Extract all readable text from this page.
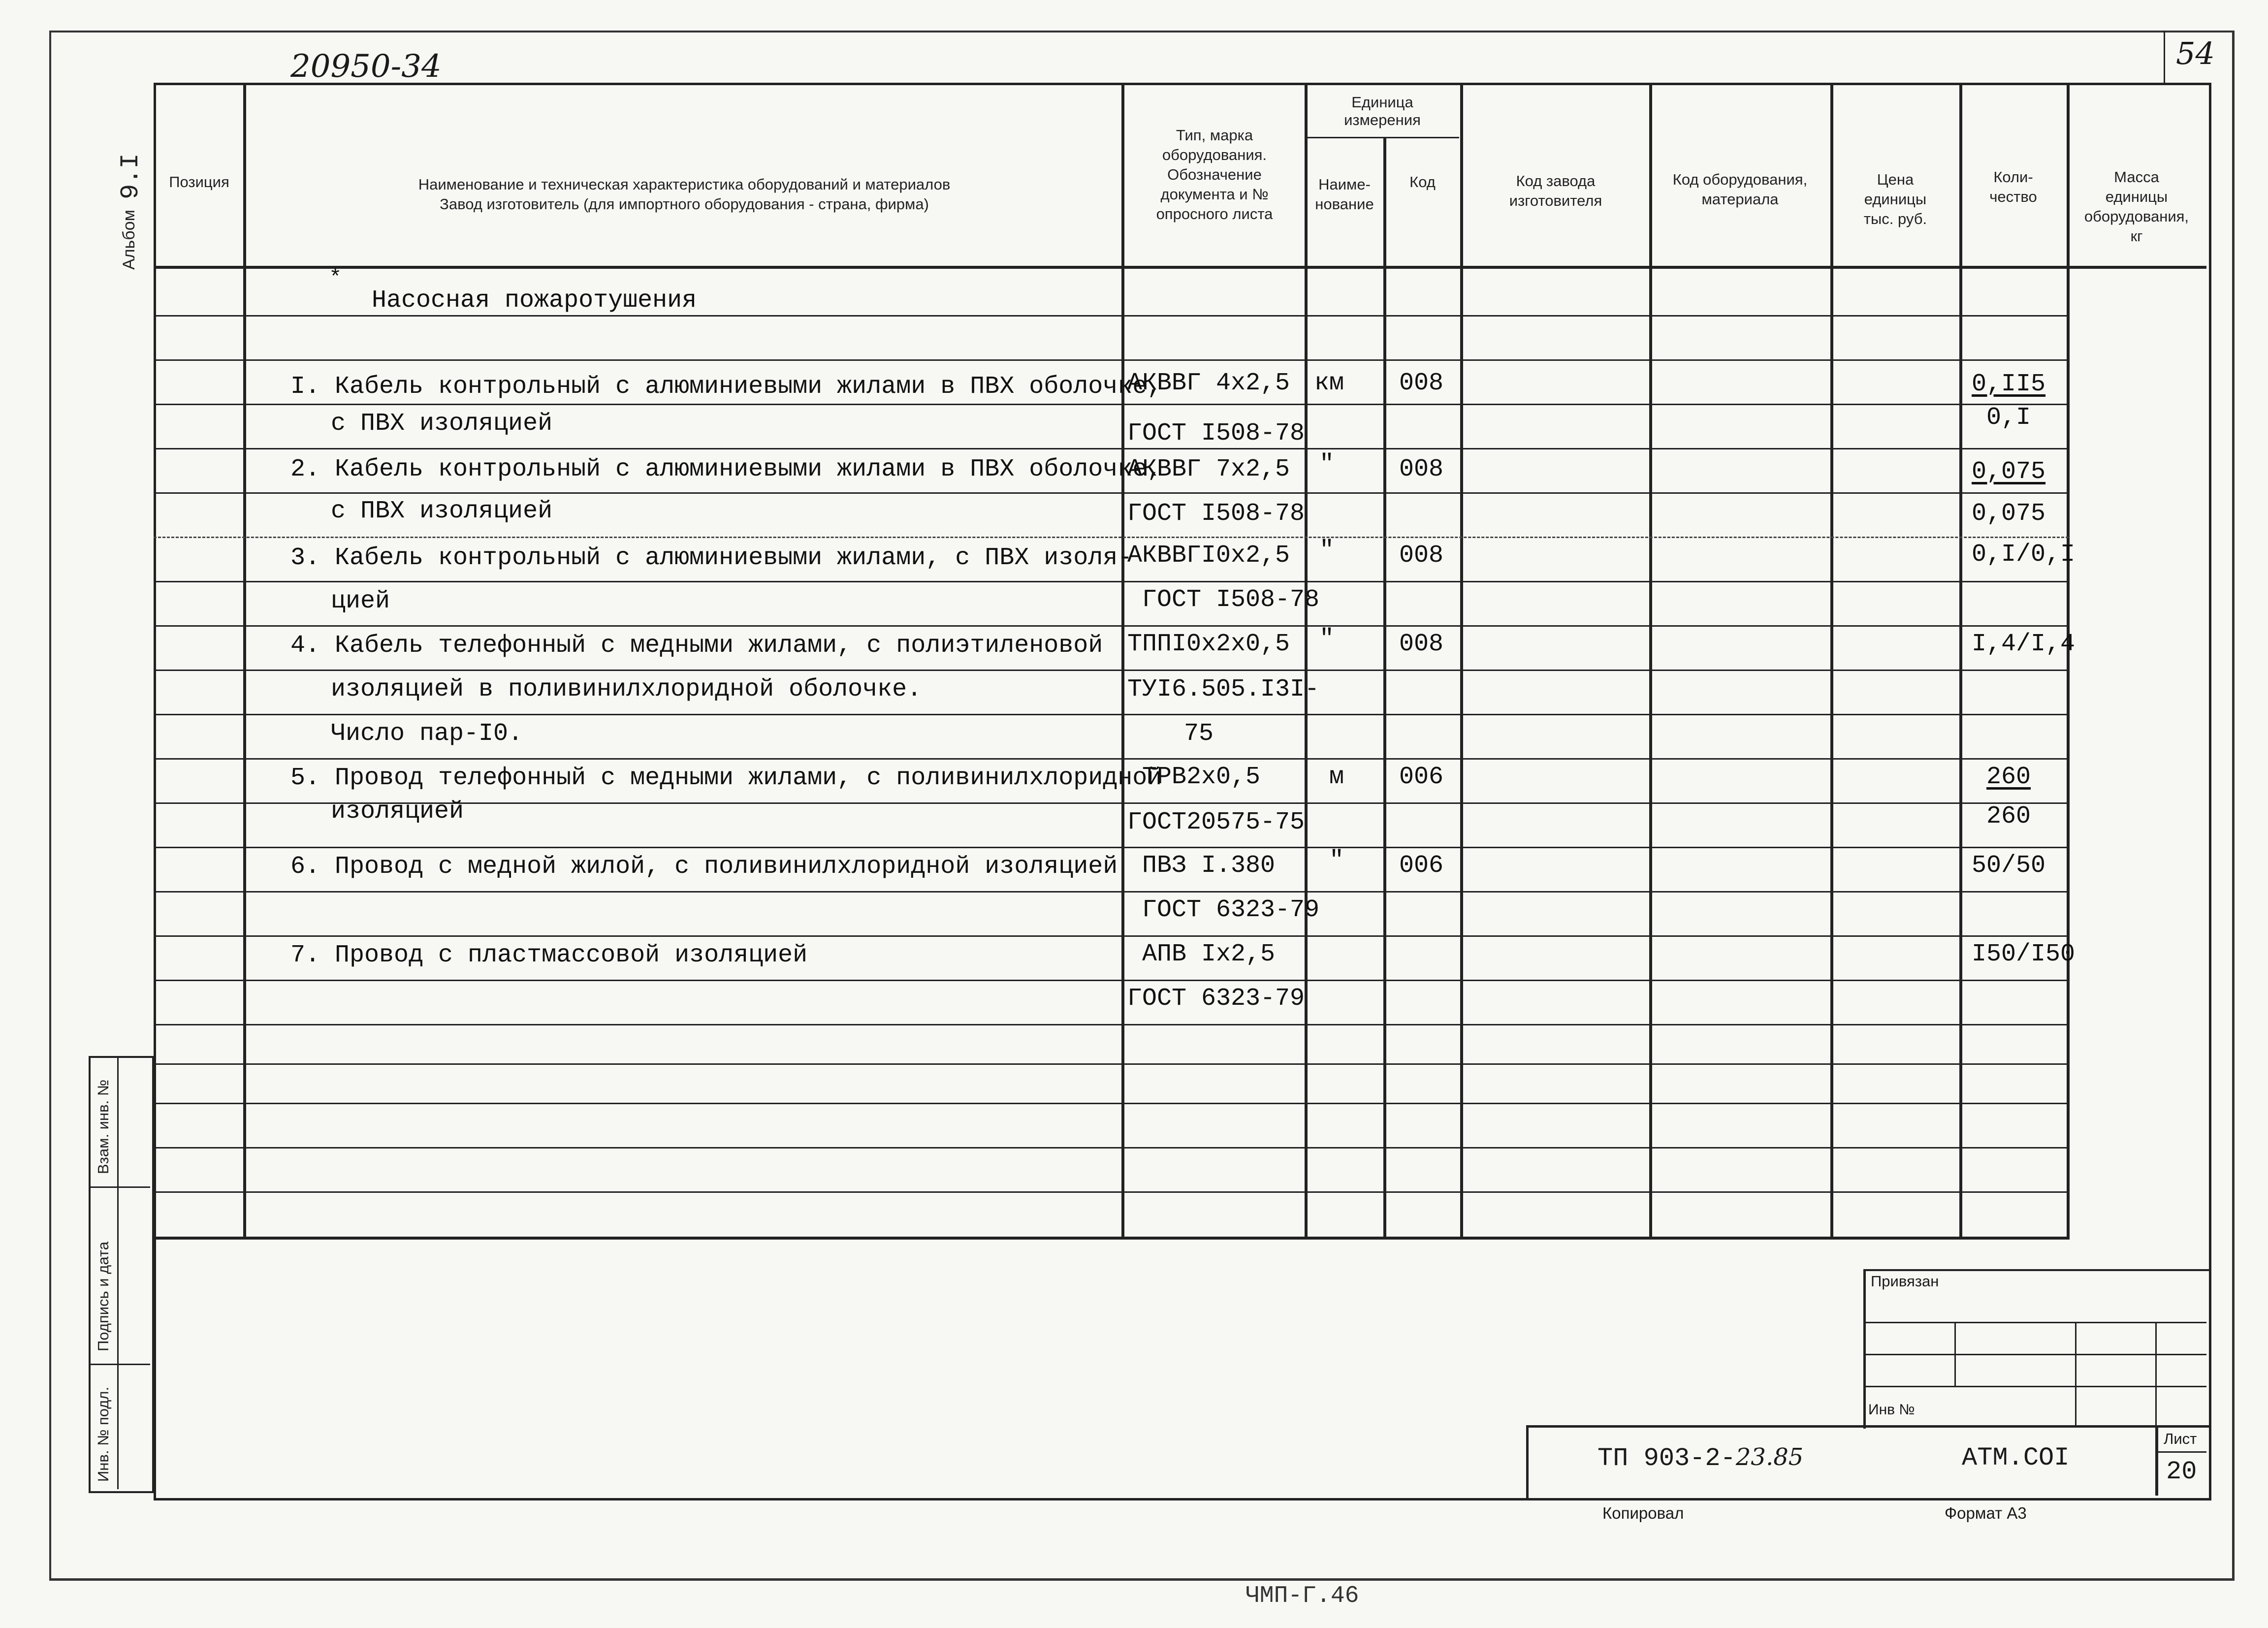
20950-34	54
Альбом
9.I	Позиция	Наименование и техническая характеристика оборудований и материалов
Завод изготовитель (для импортного оборудования - страна, фирма)
Тип, марка
оборудования.
Обозначение
документа и №
опросного листа
Единица
измерения
Наиме-
нование
Код	Код завода
изготовителя
Код оборудования,
материала
Цена
единицы
тыс. руб.
Коли-
чество
Масса
единицы
оборудования,
кг
*
Насосная пожаротушения
I. Кабель контрольный с алюминиевыми жилами в ПВХ оболочке,
АКВВГ 4х2,5 км 008	0,II5
с ПВХ изоляцией	ГОСТ I508-78
0,I
2. Кабель контрольный с алюминиевыми жилами в ПВХ оболочке,
АКВВГ 7х2,5 "	008	0,075
с ПВХ изоляцией	ГОСТ I508-78	0,075
3. Кабель контрольный с алюминиевыми жилами, с ПВХ изоля-
АКВВГI0х2,5 "	008	0,I/0,I
цией	ГОСТ I508-78
4. Кабель телефонный с медными жилами, с полиэтиленовой ТППI0х2х0,5 "	008	I,4/I,4
изоляцией в поливинилхлоридной оболочке.	ТУI6.505.I3I-
Число пар-I0.	75
5. Провод телефонный с медными жилами, с поливинилхлоридной
ТРВ2х0,5	м 006	260
изоляцией	ГОСТ20575-75	260
6. Провод с медной жилой, с поливинилхлоридной изоляцией ПВЗ I.380 " 006	50/50
ГОСТ 6323-79
7. Провод с пластмассовой изоляцией	АПВ Iх2,5	I50/I50
ГОСТ 6323-79
Взам. инв. №
Подпись и дата
Инв. № подл.
Привязан
Инв №
Лист
20
ТП 903-2-23.85	АТМ.COI
Копировал	Формат А3
ЧМП-Г.46
